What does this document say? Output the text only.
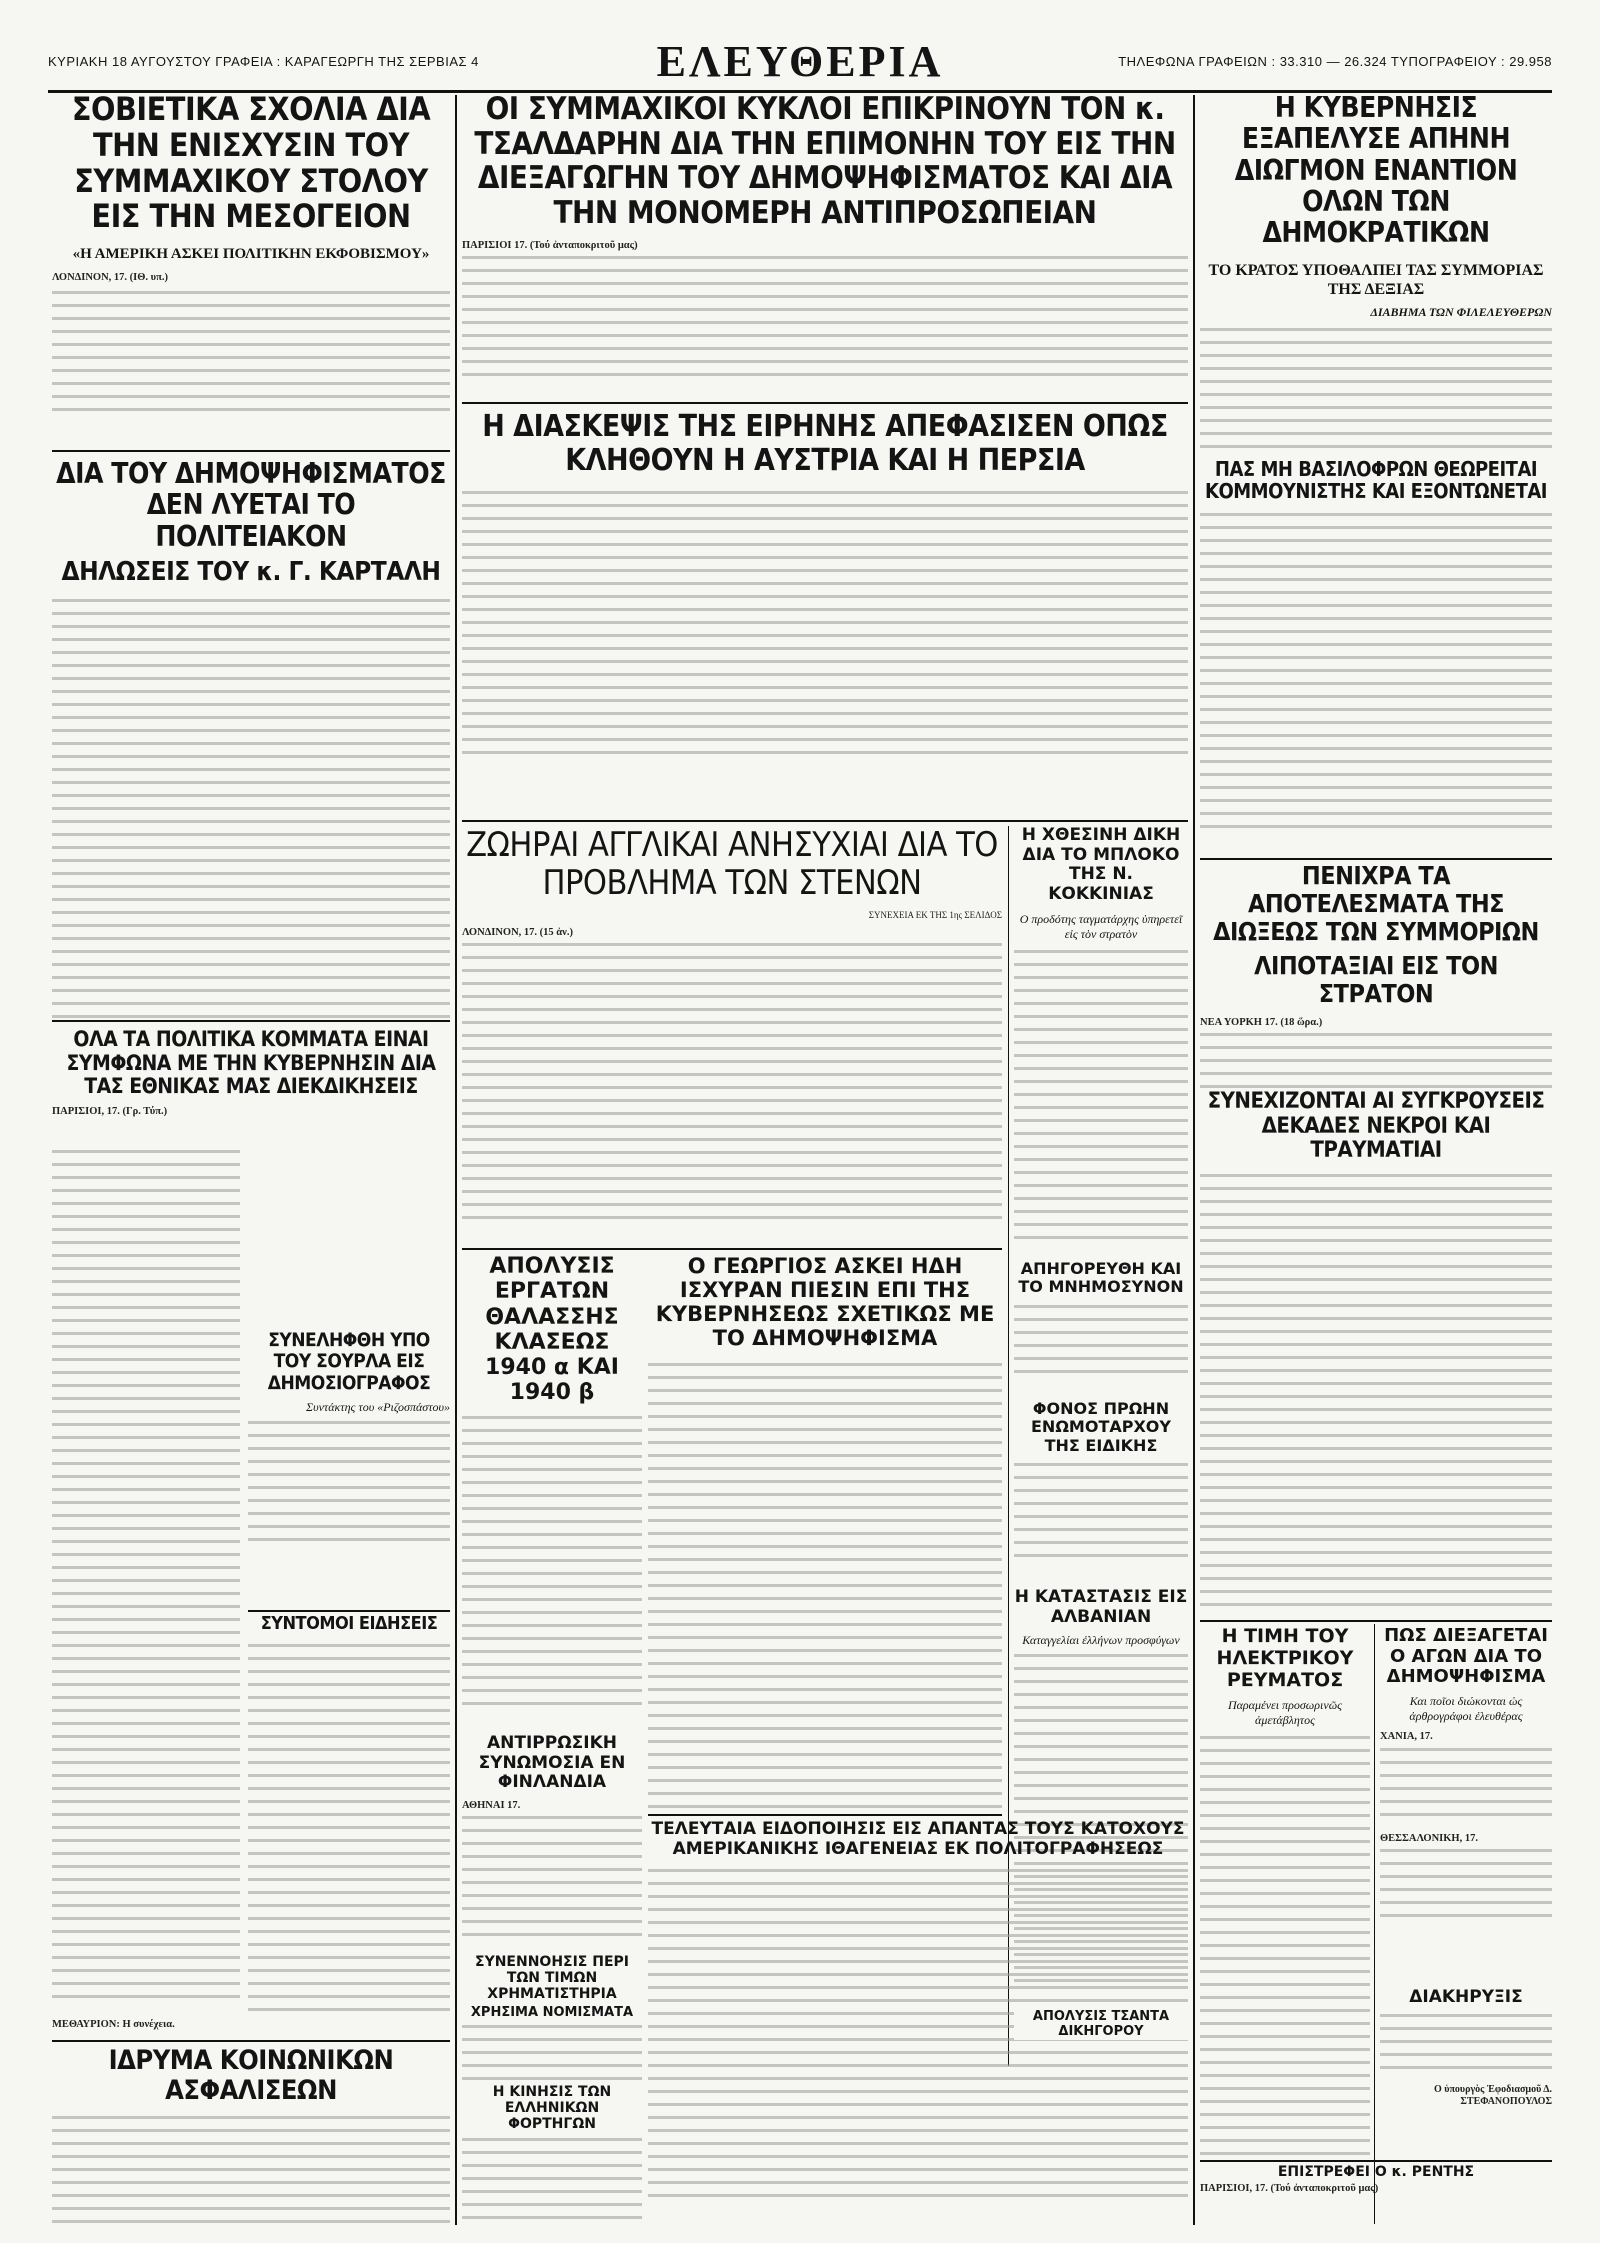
ΚΥΡΙΑΚΗ 18 ΑΥΓΟΥΣΤΟΥ ΓΡΑΦΕΙΑ : ΚΑΡΑΓΕΩΡΓΗ ΤΗΣ ΣΕΡΒΙΑΣ 4	ΕΛΕΥΘΕΡΙΑ	ΤΗΛΕΦΩΝΑ ΓΡΑΦΕΙΩΝ : 33.310 — 26.324 ΤΥΠΟΓΡΑΦΕΙΟΥ : 29.958
ΣΟΒΙΕΤΙΚΑ ΣΧΟΛΙΑ ΔΙΑ ΤΗΝ ΕΝΙΣΧΥΣΙΝ ΤΟΥ ΣΥΜΜΑΧΙΚΟΥ ΣΤΟΛΟΥ ΕΙΣ ΤΗΝ ΜΕΣΟΓΕΙΟΝ
«Η ΑΜΕΡΙΚΗ ΑΣΚΕΙ ΠΟΛΙΤΙΚΗΝ ΕΚΦΟΒΙΣΜΟΥ»
ΛΟΝΔΙΝΟΝ, 17. (ΙΘ. υπ.)
ΔΙΑ ΤΟΥ ΔΗΜΟΨΗΦΙΣΜΑΤΟΣ ΔΕΝ ΛΥΕΤΑΙ ΤΟ ΠΟΛΙΤΕΙΑΚΟΝ
ΔΗΛΩΣΕΙΣ ΤΟΥ κ. Γ. ΚΑΡΤΑΛΗ
ΟΛΑ ΤΑ ΠΟΛΙΤΙΚΑ ΚΟΜΜΑΤΑ ΕΙΝΑΙ ΣΥΜΦΩΝΑ ΜΕ ΤΗΝ ΚΥΒΕΡΝΗΣΙΝ ΔΙΑ ΤΑΣ ΕΘΝΙΚΑΣ ΜΑΣ ΔΙΕΚΔΙΚΗΣΕΙΣ
ΠΑΡΙΣΙΟΙ, 17. (Γρ. Τύπ.)
ΜΕΘΑΥΡΙΟΝ: Η συνέχεια.
ΣΥΝΕΛΗΦΘΗ ΥΠΟ ΤΟΥ ΣΟΥΡΛΑ ΕΙΣ ΔΗΜΟΣΙΟΓΡΑΦΟΣ
Συντάκτης του «Ριζοσπάστου»
ΣΥΝΤΟΜΟΙ ΕΙΔΗΣΕΙΣ
ΙΔΡΥΜΑ ΚΟΙΝΩΝΙΚΩΝ ΑΣΦΑΛΙΣΕΩΝ
ΟΙ ΣΥΜΜΑΧΙΚΟΙ ΚΥΚΛΟΙ ΕΠΙΚΡΙΝΟΥΝ ΤΟΝ κ. ΤΣΑΛΔΑΡΗΝ ΔΙΑ ΤΗΝ ΕΠΙΜΟΝΗΝ ΤΟΥ ΕΙΣ ΤΗΝ ΔΙΕΞΑΓΩΓΗΝ ΤΟΥ ΔΗΜΟΨΗΦΙΣΜΑΤΟΣ ΚΑΙ ΔΙΑ ΤΗΝ ΜΟΝΟΜΕΡΗ ΑΝΤΙΠΡΟΣΩΠΕΙΑΝ
ΠΑΡΙΣΙΟΙ 17. (Τού ἀνταποκριτοῦ μας)
Η ΔΙΑΣΚΕΨΙΣ ΤΗΣ ΕΙΡΗΝΗΣ ΑΠΕΦΑΣΙΣΕΝ ΟΠΩΣ ΚΛΗΘΟΥΝ Η ΑΥΣΤΡΙΑ ΚΑΙ Η ΠΕΡΣΙΑ
ΖΩΗΡΑΙ ΑΓΓΛΙΚΑΙ ΑΝΗΣΥΧΙΑΙ ΔΙΑ ΤΟ ΠΡΟΒΛΗΜΑ ΤΩΝ ΣΤΕΝΩΝ
ΣΥΝΕΧΕΙΑ ΕΚ ΤΗΣ 1ης ΣΕΛΙΔΟΣ
ΛΟΝΔΙΝΟΝ, 17. (15 ἀν.)
Η ΧΘΕΣΙΝΗ ΔΙΚΗ ΔΙΑ ΤΟ ΜΠΛΟΚΟ ΤΗΣ Ν. ΚΟΚΚΙΝΙΑΣ
Ο προδότης ταγματάρχης ὑπηρετεῖ εἰς τὸν στρατὸν
ΑΠΟΛΥΣΙΣ ΕΡΓΑΤΩΝ ΘΑΛΑΣΣΗΣ ΚΛΑΣΕΩΣ 1940 α ΚΑΙ 1940 β
Ο ΓΕΩΡΓΙΟΣ ΑΣΚΕΙ ΗΔΗ ΙΣΧΥΡΑΝ ΠΙΕΣΙΝ ΕΠΙ ΤΗΣ ΚΥΒΕΡΝΗΣΕΩΣ ΣΧΕΤΙΚΩΣ ΜΕ ΤΟ ΔΗΜΟΨΗΦΙΣΜΑ
ΑΠΗΓΟΡΕΥΘΗ ΚΑΙ ΤΟ ΜΝΗΜΟΣΥΝΟΝ
ΦΟΝΟΣ ΠΡΩΗΝ ΕΝΩΜΟΤΑΡΧΟΥ ΤΗΣ ΕΙΔΙΚΗΣ
Η ΚΑΤΑΣΤΑΣΙΣ ΕΙΣ ΑΛΒΑΝΙΑΝ
Καταγγελίαι ἐλλήνων προσφύγων
ΑΝΤΙΡΡΩΣΙΚΗ ΣΥΝΩΜΟΣΙΑ ΕΝ ΦΙΝΛΑΝΔΙΑ
ΑΘΗΝΑΙ 17.
ΣΥΝΕΝΝΟΗΣΙΣ ΠΕΡΙ ΤΩΝ ΤΙΜΩΝ ΧΡΗΜΑΤΙΣΤΗΡΙΑ
ΧΡΗΣΙΜΑ ΝΟΜΙΣΜΑΤΑ
Η ΚΙΝΗΣΙΣ ΤΩΝ ΕΛΛΗΝΙΚΩΝ ΦΟΡΤΗΓΩΝ
ΤΕΛΕΥΤΑΙΑ ΕΙΔΟΠΟΙΗΣΙΣ ΕΙΣ ΑΠΑΝΤΑΣ ΤΟΥΣ ΚΑΤΟΧΟΥΣ ΑΜΕΡΙΚΑΝΙΚΗΣ ΙΘΑΓΕΝΕΙΑΣ ΕΚ ΠΟΛΙΤΟΓΡΑΦΗΣΕΩΣ
ΑΠΟΛΥΣΙΣ ΤΣΑΝΤΑ ΔΙΚΗΓΟΡΟΥ
Η ΚΥΒΕΡΝΗΣΙΣ ΕΞΑΠΕΛΥΣΕ ΑΠΗΝΗ ΔΙΩΓΜΟΝ ΕΝΑΝΤΙΟΝ ΟΛΩΝ ΤΩΝ ΔΗΜΟΚΡΑΤΙΚΩΝ
ΤΟ ΚΡΑΤΟΣ ΥΠΟΘΑΛΠΕΙ ΤΑΣ ΣΥΜΜΟΡΙΑΣ ΤΗΣ ΔΕΞΙΑΣ
ΔΙΑΒΗΜΑ ΤΩΝ ΦΙΛΕΛΕΥΘΕΡΩΝ
ΠΑΣ ΜΗ ΒΑΣΙΛΟΦΡΩΝ ΘΕΩΡΕΙΤΑΙ ΚΟΜΜΟΥΝΙΣΤΗΣ ΚΑΙ ΕΞΟΝΤΩΝΕΤΑΙ
ΠΕΝΙΧΡΑ ΤΑ ΑΠΟΤΕΛΕΣΜΑΤΑ ΤΗΣ ΔΙΩΞΕΩΣ ΤΩΝ ΣΥΜΜΟΡΙΩΝ
ΛΙΠΟΤΑΞΙΑΙ ΕΙΣ ΤΟΝ ΣΤΡΑΤΟΝ
ΝΕΑ ΥΟΡΚΗ 17. (18 ὥρα.)
ΣΥΝΕΧΙΖΟΝΤΑΙ ΑΙ ΣΥΓΚΡΟΥΣΕΙΣ ΔΕΚΑΔΕΣ ΝΕΚΡΟΙ ΚΑΙ ΤΡΑΥΜΑΤΙΑΙ
Η ΤΙΜΗ ΤΟΥ ΗΛΕΚΤΡΙΚΟΥ ΡΕΥΜΑΤΟΣ
Παραμένει προσωρινῶς ἀμετάβλητος
ΠΩΣ ΔΙΕΞΑΓΕΤΑΙ Ο ΑΓΩΝ ΔΙΑ ΤΟ ΔΗΜΟΨΗΦΙΣΜΑ
Και ποῖοι διώκονται ὡς ἀρθρογράφοι ἐλευθέρας
ΧΑΝΙΑ, 17.
ΘΕΣΣΑΛΟΝΙΚΗ, 17.
ΔΙΑΚΗΡΥΞΙΣ
Ο ὑπουργὸς Ἐφοδιασμοῦ Δ. ΣΤΕΦΑΝΟΠΟΥΛΟΣ
ΕΠΙΣΤΡΕΦΕΙ Ο κ. ΡΕΝΤΗΣ
ΠΑΡΙΣΙΟΙ, 17. (Τού ἀνταποκριτοῦ μας)
